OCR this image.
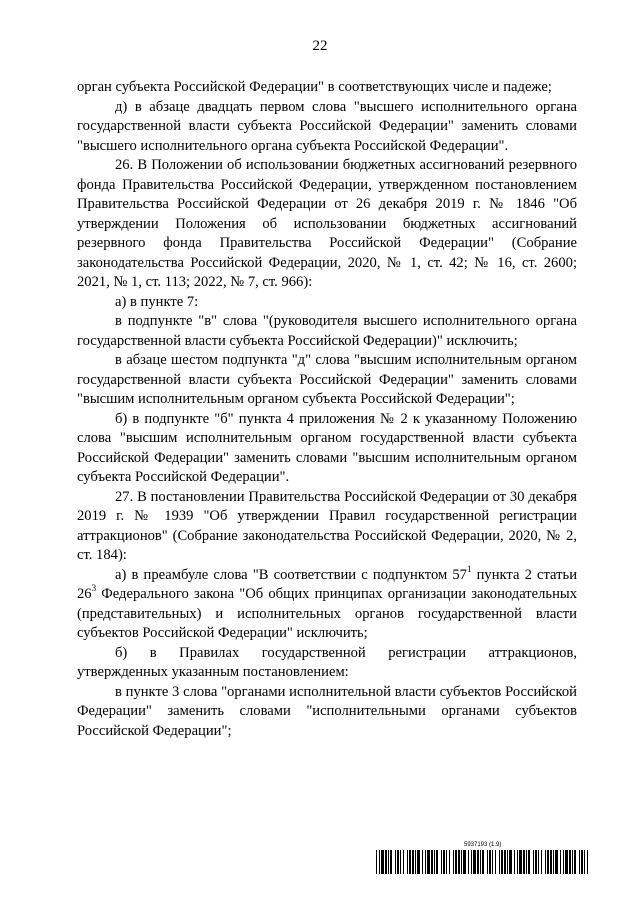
22

орган субъекта Российской Федерации" в соответствующих числе и падеже;

д) в абзаце двадцать первом слова "высшего исполнительного органа государственной власти субъекта Российской Федерации" заменить словами "высшего исполнительного органа субъекта Российской Федерации".

26. В Положении об использовании бюджетных ассигнований резервного фонда Правительства Российской Федерации, утвержденном постановлением Правительства Российской Федерации от 26 декабря 2019 г. № 1846 "Об утверждении Положения об использовании бюджетных ассигнований резервного фонда Правительства Российской Федерации" (Собрание законодательства Российской Федерации, 2020, № 1, ст. 42; № 16, ст. 2600; 2021, № 1, ст. 113; 2022, № 7, ст. 966):

а) в пункте 7:

в подпункте "в" слова "(руководителя высшего исполнительного органа государственной власти субъекта Российской Федерации)" исключить;

в абзаце шестом подпункта "д" слова "высшим исполнительным органом государственной власти субъекта Российской Федерации" заменить словами "высшим исполнительным органом субъекта Российской Федерации";

б) в подпункте "б" пункта 4 приложения № 2 к указанному Положению слова "высшим исполнительным органом государственной власти субъекта Российской Федерации" заменить словами "высшим исполнительным органом субъекта Российской Федерации".

27. В постановлении Правительства Российской Федерации от 30 декабря 2019 г. № 1939 "Об утверждении Правил государственной регистрации аттракционов" (Собрание законодательства Российской Федерации, 2020, № 2, ст. 184):

а) в преамбуле слова "В соответствии с подпунктом $57^1$ пункта 2 статьи $26^3$ Федерального закона "Об общих принципах организации законодательных (представительных) и исполнительных органов государственной власти субъектов Российской Федерации" исключить;

б) в Правилах государственной регистрации аттракционов, утвержденных указанным постановлением:

в пункте 3 слова "органами исполнительной власти субъектов Российской Федерации" заменить словами "исполнительными органами субъектов Российской Федерации";

5937193 (1.9)
